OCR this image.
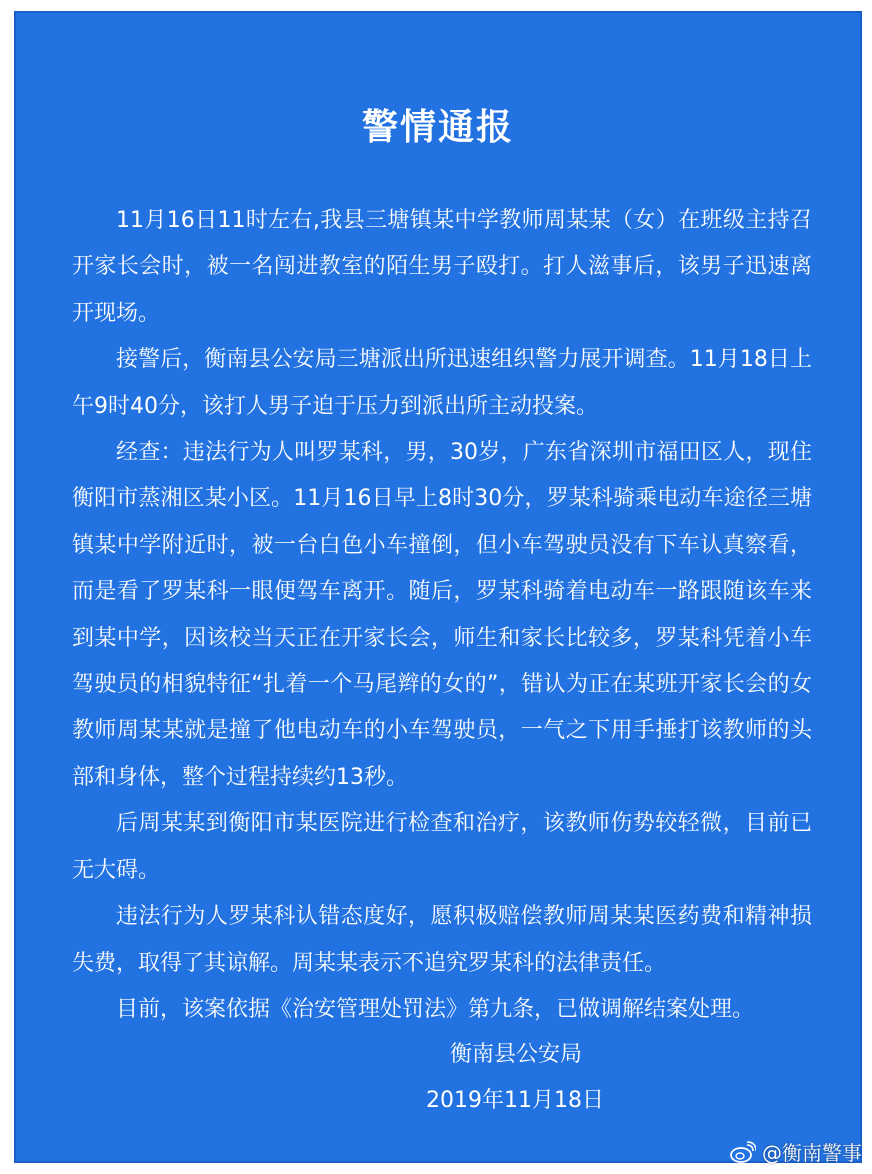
警情通报

11月16日11时左右,我县三塘镇某中学教师周某某（女）在班级主持召开家长会时，被一名闯进教室的陌生男子殴打。打人滋事后，该男子迅速离开现场。

接警后，衡南县公安局三塘派出所迅速组织警力展开调查。11月18日上午9时40分，该打人男子迫于压力到派出所主动投案。

经查：违法行为人叫罗某科，男，30岁，广东省深圳市福田区人，现住衡阳市蒸湘区某小区。11月16日早上8时30分，罗某科骑乘电动车途径三塘镇某中学附近时，被一台白色小车撞倒，但小车驾驶员没有下车认真察看，而是看了罗某科一眼便驾车离开。随后，罗某科骑着电动车一路跟随该车来到某中学，因该校当天正在开家长会，师生和家长比较多，罗某科凭着小车驾驶员的相貌特征“扎着一个马尾辫的女的”，错认为正在某班开家长会的女教师周某某就是撞了他电动车的小车驾驶员，一气之下用手捶打该教师的头部和身体，整个过程持续约13秒。

后周某某到衡阳市某医院进行检查和治疗，该教师伤势较轻微，目前已无大碍。

违法行为人罗某科认错态度好，愿积极赔偿教师周某某医药费和精神损失费，取得了其谅解。周某某表示不追究罗某科的法律责任。

目前，该案依据《治安管理处罚法》第九条，已做调解结案处理。

衡南县公安局
2019年11月18日
@衡南警事
